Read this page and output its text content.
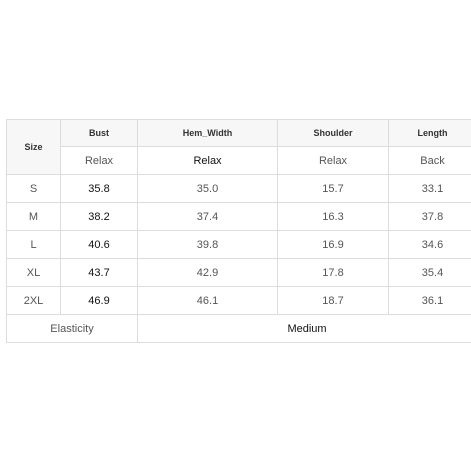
Size	Bust	Hem_Width	Shoulder	Length
	Relax	Relax	Relax	Back
S	35.8	35.0	15.7	33.1
M	38.2	37.4	16.3	37.8
L	40.6	39.8	16.9	34.6
XL	43.7	42.9	17.8	35.4
2XL	46.9	46.1	18.7	36.1
Elasticity		Medium		
